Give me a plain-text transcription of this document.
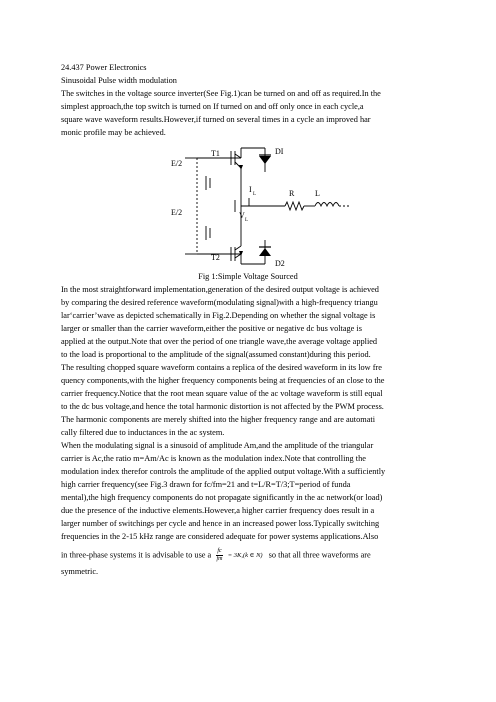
24.437 Power Electronics
Sinusoidal Pulse width modulation
The switches in the voltage source inverter(See Fig.1)can be turned on and off as required.In the
simplest approach,the top switch is turned on If turned on and off only once in each cycle,a
square wave waveform results.However,if turned on several times in a cycle an improved har
monic profile may be achieved.
E/2
E/2
T1
T2
DI
D2
I
L
V
L
R	L
Fig 1:Simple Voltage Sourced
In the most straightforward implementation,generation of the desired output voltage is achieved
by comparing the desired reference waveform(modulating signal)with a high-frequency triangu
lar‘carrier’wave as depicted schematically in Fig.2.Depending on whether the signal voltage is
larger or smaller than the carrier waveform,either the positive or negative dc bus voltage is
applied at the output.Note that over the period of one triangle wave,the average voltage applied
to the load is proportional to the amplitude of the signal(assumed constant)during this period.
The resulting chopped square waveform contains a replica of the desired waveform in its low fre
quency components,with the higher frequency components being at frequencies of an close to the
carrier frequency.Notice that the root mean square value of the ac voltage waveform is still equal
to the dc bus voltage,and hence the total harmonic distortion is not affected by the PWM process.
The harmonic components are merely shifted into the higher frequency range and are automati
cally filtered due to inductances in the ac system.
When the modulating signal is a sinusoid of amplitude Am,and the amplitude of the triangular
carrier is Ac,the ratio m=Am/Ac is known as the modulation index.Note that controlling the
modulation index therefor controls the amplitude of the applied output voltage.With a sufficiently
high carrier frequency(see Fig.3 drawn for fc/fm=21 and t=L/R=T/3;T=period of funda
mental),the high frequency components do not propagate significantly in the ac network(or load)
due the presence of the inductive elements.However,a higher carrier frequency does result in a
larger number of switchings per cycle and hence in an increased power loss.Typically switching
frequencies in the 2-15 kHz range are considered adequate for power systems applications.Also
in three-phase systems it is advisable to use a $\frac{fc}{fm} = 3K,(k$ ∈ N) so that all three waveforms are
symmetric.
